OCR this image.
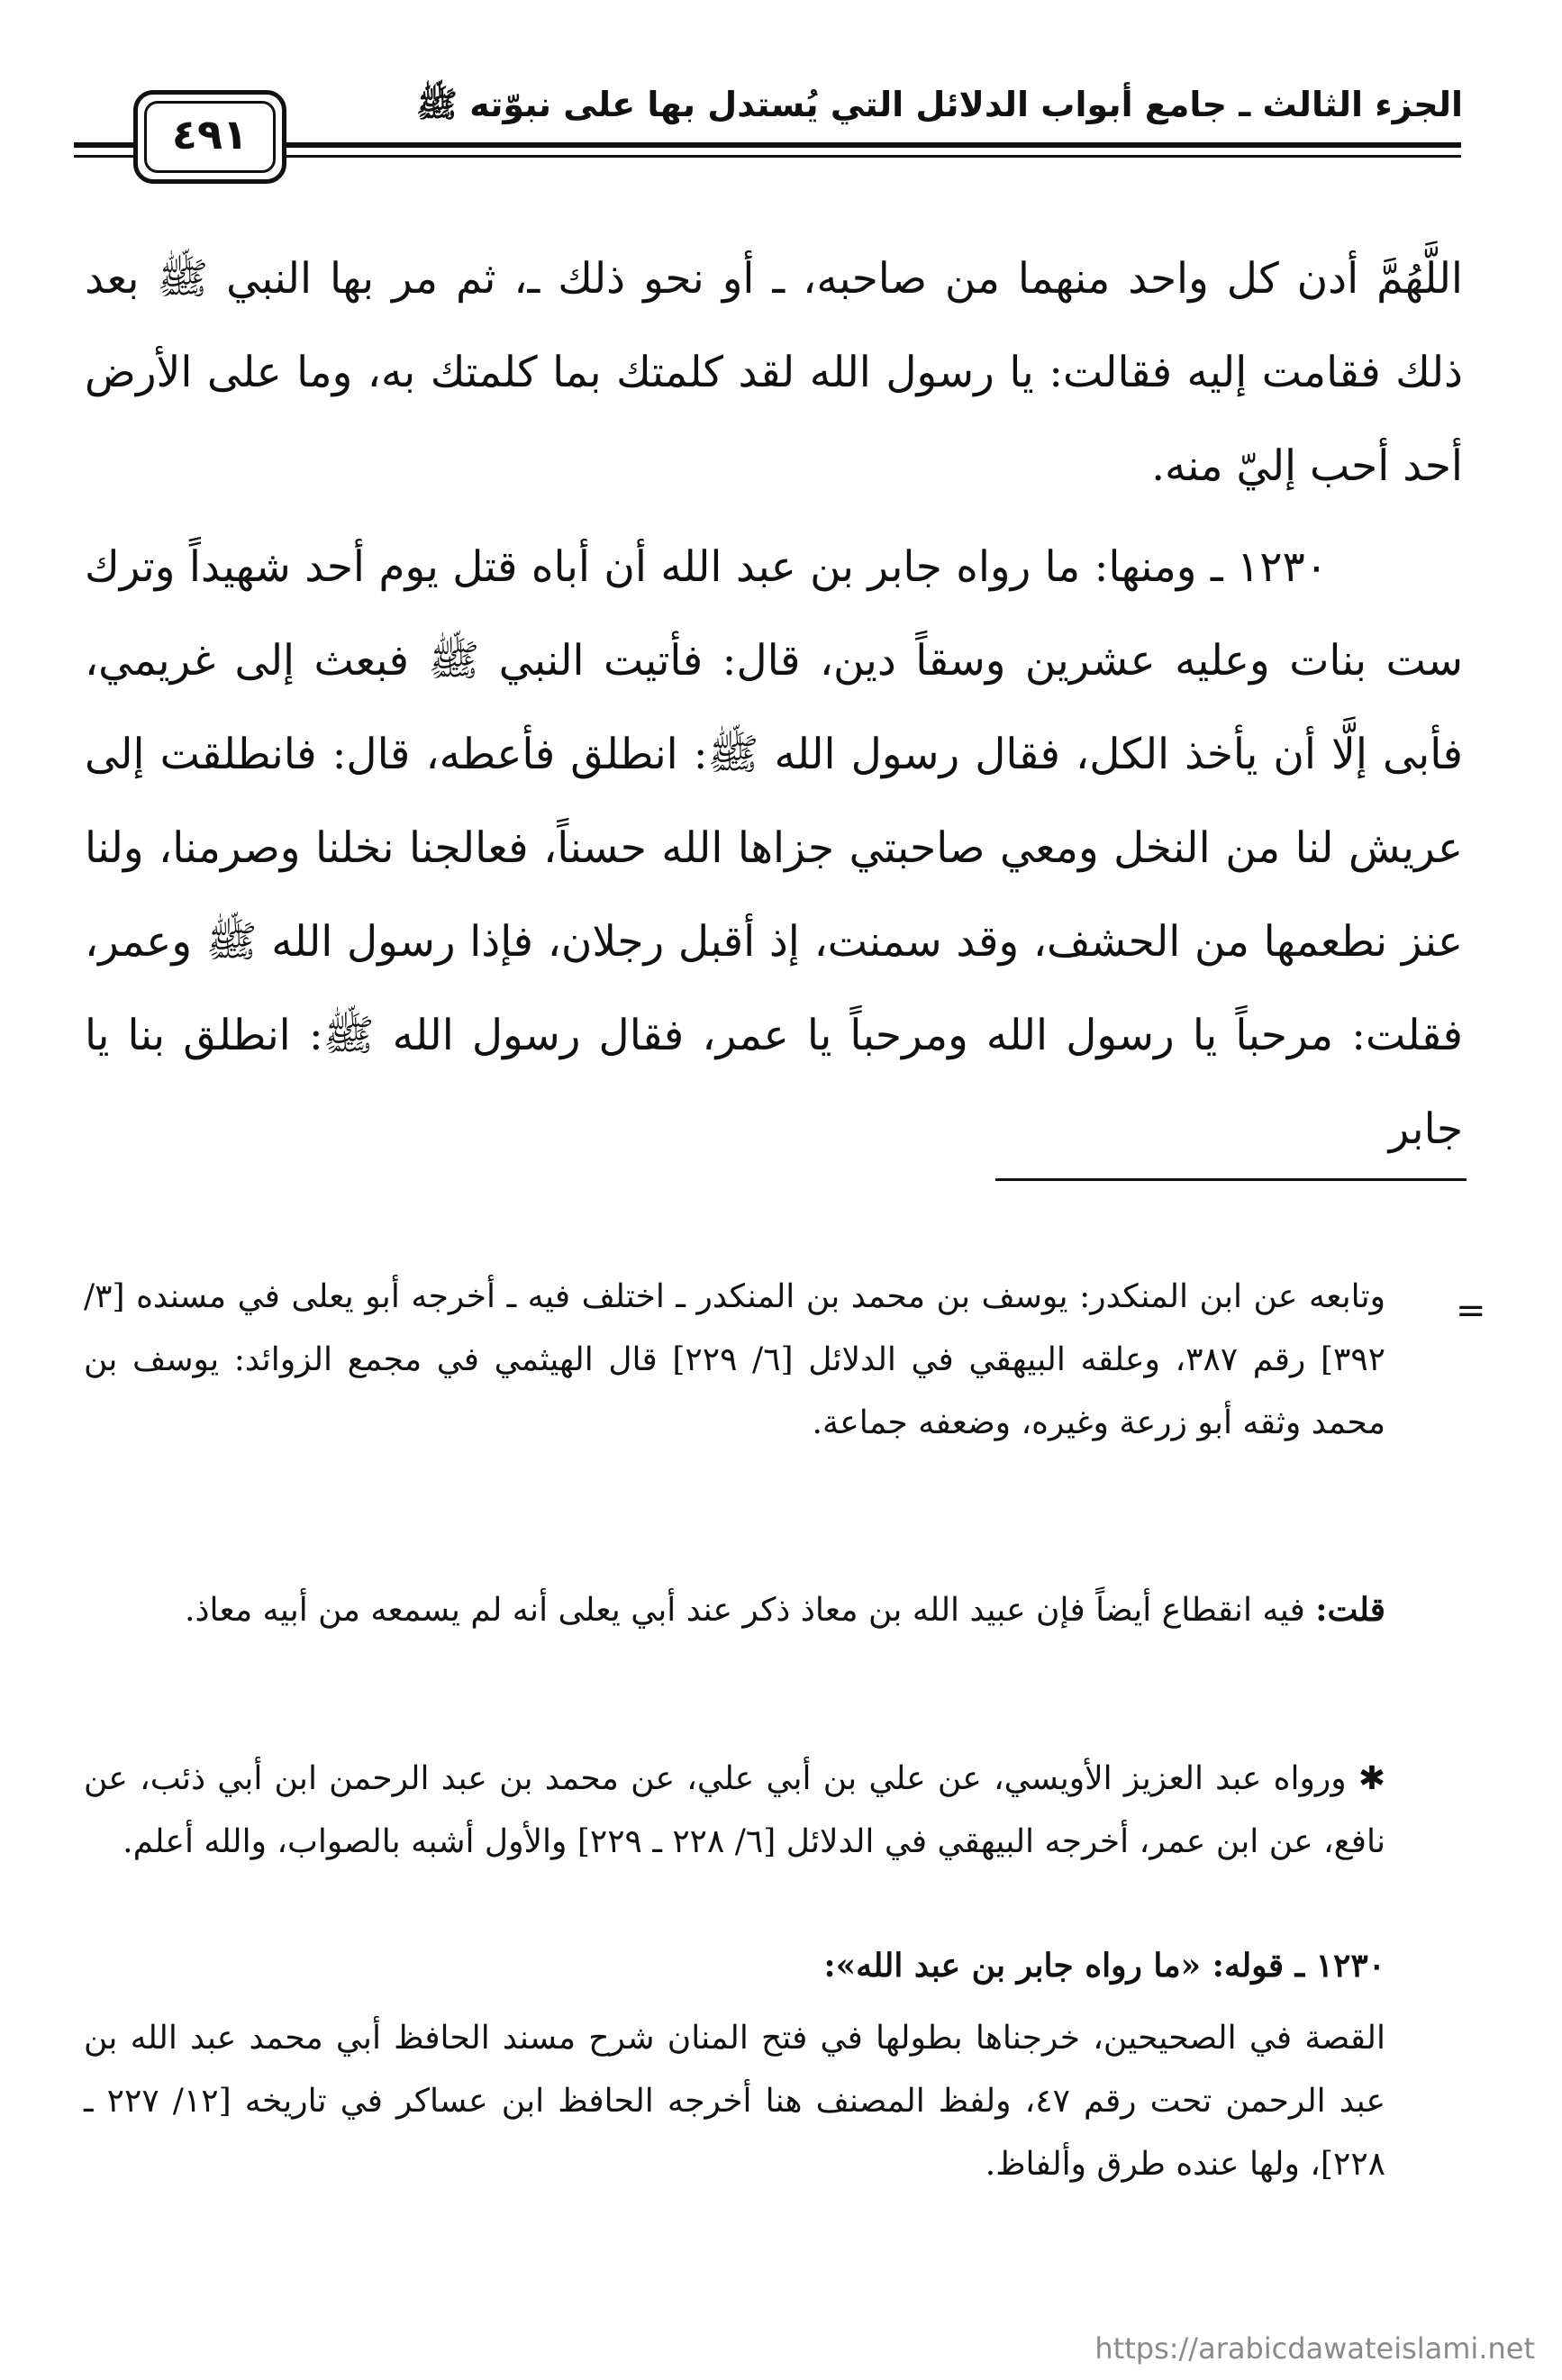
الجزء الثالث ـ جامع أبواب الدلائل التي يُستدل بها على نبوّته ﷺ
٤٩١

اللَّهُمَّ أدن كل واحد منهما من صاحبه، ـ أو نحو ذلك ـ، ثم مر بها النبي ﷺ بعد ذلك فقامت إليه فقالت: يا رسول الله لقد كلمتك بما كلمتك به، وما على الأرض أحد أحب إليّ منه.

١٢٣٠ ـ ومنها: ما رواه جابر بن عبد الله أن أباه قتل يوم أحد شهيداً وترك ست بنات وعليه عشرين وسقاً دين، قال: فأتيت النبي ﷺ فبعث إلى غريمي، فأبى إلَّا أن يأخذ الكل، فقال رسول الله ﷺ: انطلق فأعطه، قال: فانطلقت إلى عريش لنا من النخل ومعي صاحبتي جزاها الله حسناً، فعالجنا نخلنا وصرمنا، ولنا عنز نطعمها من الحشف، وقد سمنت، إذ أقبل رجلان، فإذا رسول الله ﷺ وعمر، فقلت: مرحباً يا رسول الله ومرحباً يا عمر، فقال رسول الله ﷺ: انطلق بنا يا جابر

=

وتابعه عن ابن المنكدر: يوسف بن محمد بن المنكدر ـ اختلف فيه ـ أخرجه أبو يعلى في مسنده [٣/ ٣٩٢] رقم ٣٨٧، وعلقه البيهقي في الدلائل [٦/ ٢٢٩] قال الهيثمي في مجمع الزوائد: يوسف بن محمد وثقه أبو زرعة وغيره، وضعفه جماعة.

قلت: فيه انقطاع أيضاً فإن عبيد الله بن معاذ ذكر عند أبي يعلى أنه لم يسمعه من أبيه معاذ.

✱ ورواه عبد العزيز الأويسي، عن علي بن أبي علي، عن محمد بن عبد الرحمن ابن أبي ذئب، عن نافع، عن ابن عمر، أخرجه البيهقي في الدلائل [٦/ ٢٢٨ ـ ٢٢٩] والأول أشبه بالصواب، والله أعلم.

١٢٣٠ ـ قوله: «ما رواه جابر بن عبد الله»:

القصة في الصحيحين، خرجناها بطولها في فتح المنان شرح مسند الحافظ أبي محمد عبد الله بن عبد الرحمن تحت رقم ٤٧، ولفظ المصنف هنا أخرجه الحافظ ابن عساكر في تاريخه [١٢/ ٢٢٧ ـ ٢٢٨]، ولها عنده طرق وألفاظ.

https://arabicdawateislami.net
